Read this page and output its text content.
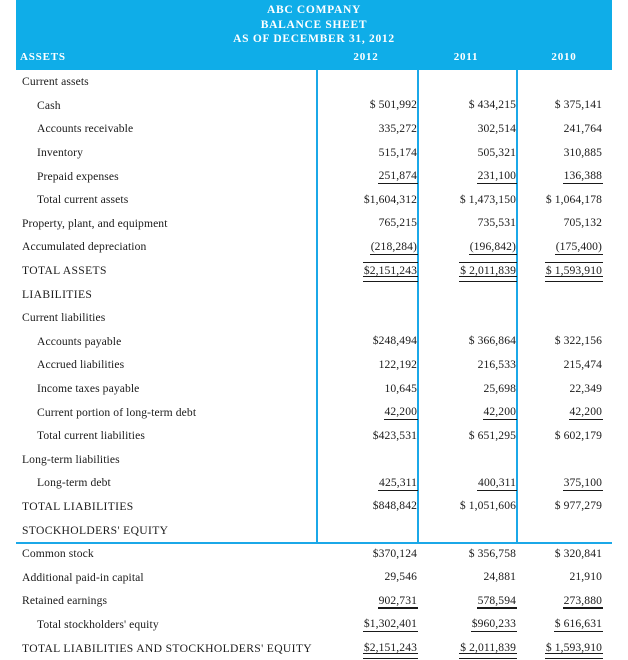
ABC COMPANY
BALANCE SHEET
AS OF DECEMBER 31, 2012
ASSETS	2012	2011	2010
Current assets			
Cash	$ 501,992	$ 434,215	$ 375,141
Accounts receivable	335,272	302,514	241,764
Inventory	515,174	505,321	310,885
Prepaid expenses	251,874	231,100	136,388
Total current assets	$1,604,312	$ 1,473,150	$ 1,064,178
Property, plant, and equipment	765,215	735,531	705,132
Accumulated depreciation	(218,284)	(196,842)	(175,400)
TOTAL ASSETS	$2,151,243	$ 2,011,839	$ 1,593,910
LIABILITIES			
Current liabilities			
Accounts payable	$248,494	$ 366,864	$ 322,156
Accrued liabilities	122,192	216,533	215,474
Income taxes payable	10,645	25,698	22,349
Current portion of long-term debt	42,200	42,200	42,200
Total current liabilities	$423,531	$ 651,295	$ 602,179
Long-term liabilities			
Long-term debt	425,311	400,311	375,100
TOTAL LIABILITIES	$848,842	$ 1,051,606	$ 977,279
STOCKHOLDERS' EQUITY			
Common stock	$370,124	$ 356,758	$ 320,841
Additional paid-in capital	29,546	24,881	21,910
Retained earnings	902,731	578,594	273,880
Total stockholders' equity	$1,302,401	$960,233	$ 616,631
TOTAL LIABILITIES AND STOCKHOLDERS' EQUITY	$2,151,243	$ 2,011,839	$ 1,593,910
